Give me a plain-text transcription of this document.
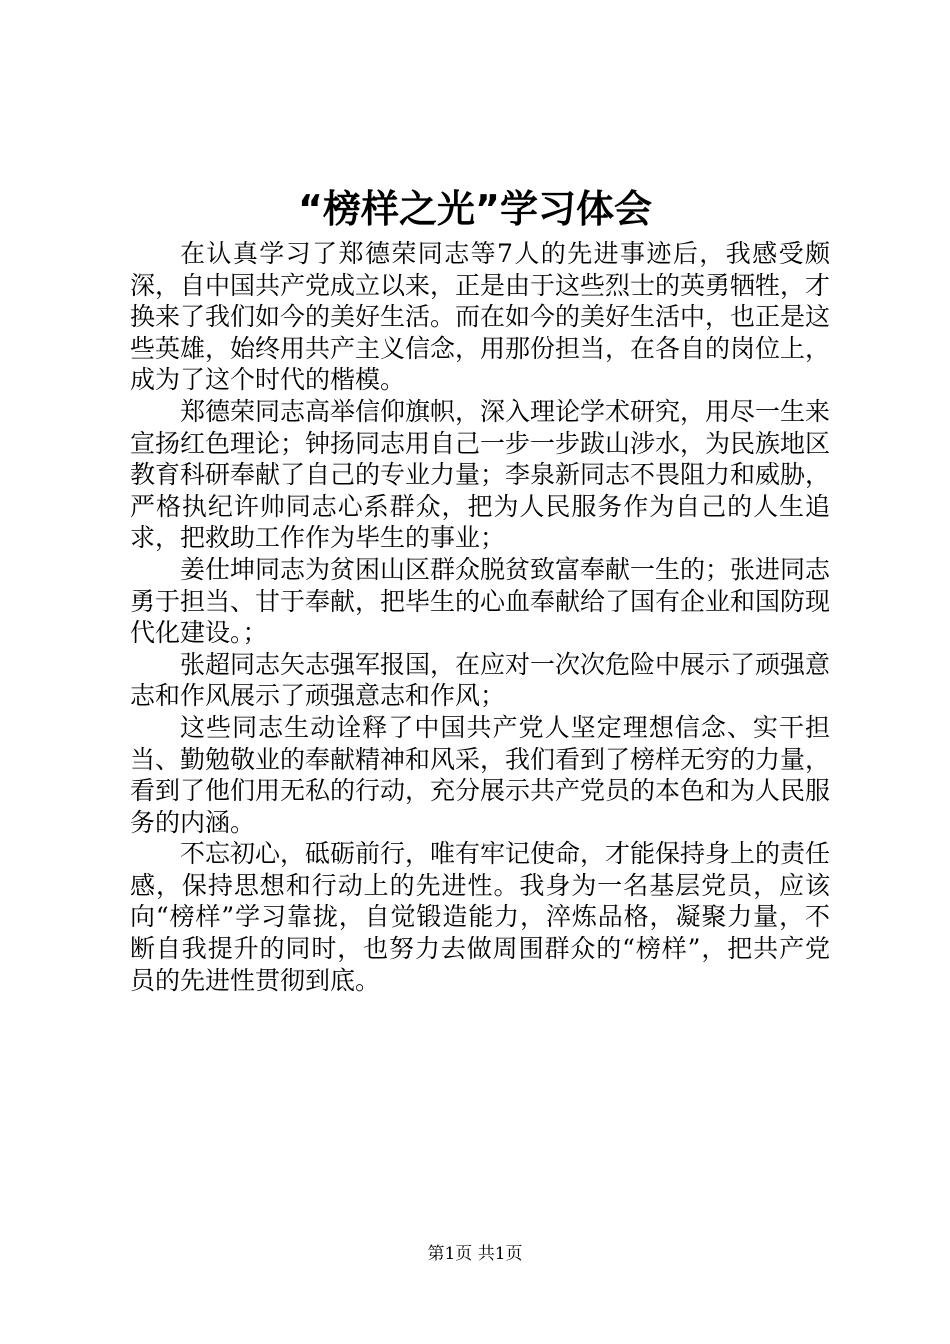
“榜样之光”学习体会

在认真学习了郑德荣同志等7人的先进事迹后，我感受颇深，自中国共产党成立以来，正是由于这些烈士的英勇牺牲，才换来了我们如今的美好生活。而在如今的美好生活中，也正是这些英雄，始终用共产主义信念，用那份担当，在各自的岗位上，成为了这个时代的楷模。

郑德荣同志高举信仰旗帜，深入理论学术研究，用尽一生来宣扬红色理论；钟扬同志用自己一步一步跋山涉水，为民族地区教育科研奉献了自己的专业力量；李泉新同志不畏阻力和威胁，严格执纪许帅同志心系群众，把为人民服务作为自己的人生追求，把救助工作作为毕生的事业；

姜仕坤同志为贫困山区群众脱贫致富奉献一生的；张进同志勇于担当、甘于奉献，把毕生的心血奉献给了国有企业和国防现代化建设。；

张超同志矢志强军报国，在应对一次次危险中展示了顽强意志和作风展示了顽强意志和作风；

这些同志生动诠释了中国共产党人坚定理想信念、实干担当、勤勉敬业的奉献精神和风采，我们看到了榜样无穷的力量，看到了他们用无私的行动，充分展示共产党员的本色和为人民服务的内涵。

不忘初心，砥砺前行，唯有牢记使命，才能保持身上的责任感，保持思想和行动上的先进性。我身为一名基层党员，应该向“榜样”学习靠拢，自觉锻造能力，淬炼品格，凝聚力量，不断自我提升的同时，也努力去做周围群众的“榜样”，把共产党员的先进性贯彻到底。

第1页 共1页
